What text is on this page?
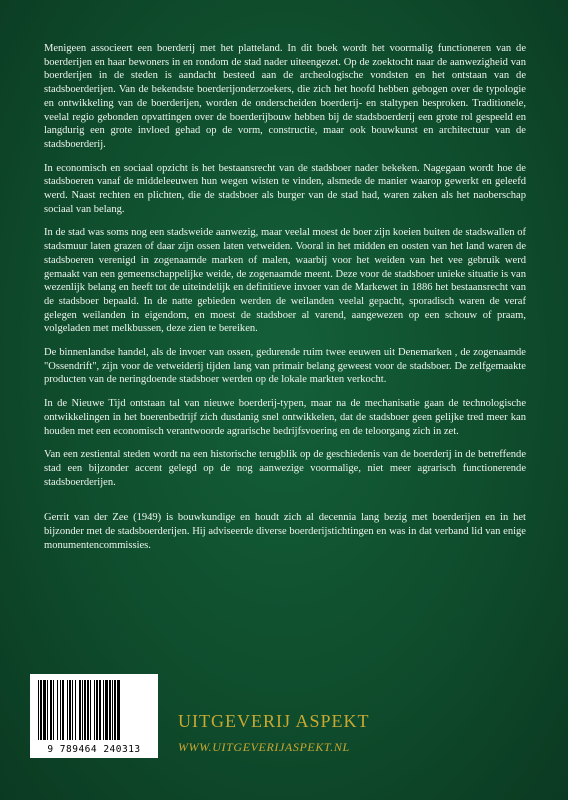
Menigeen associeert een boerderij met het platteland. In dit boek wordt het voormalig functioneren van de boerderijen en haar bewoners in en rondom de stad nader uiteengezet. Op de zoektocht naar de aanwezigheid van boerderijen in de steden is aandacht besteed aan de archeologische vondsten en het ontstaan van de stadsboerderijen. Van de bekendste boerderijonderzoekers, die zich het hoofd hebben gebogen over de typologie en ontwikkeling van de boerderijen, worden de onderscheiden boerderij- en staltypen besproken. Traditionele, veelal regio gebonden opvattingen over de boerderijbouw hebben bij de stadsboerderij een grote rol gespeeld en langdurig een grote invloed gehad op de vorm, constructie, maar ook bouwkunst en architectuur van de stadsboerderij.

In economisch en sociaal opzicht is het bestaansrecht van de stadsboer nader bekeken. Nagegaan wordt hoe de stadsboeren vanaf de middeleeuwen hun wegen wisten te vinden, alsmede de manier waarop gewerkt en geleefd werd. Naast rechten en plichten, die de stadsboer als burger van de stad had, waren zaken als het naoberschap sociaal van belang.

In de stad was soms nog een stadsweide aanwezig, maar veelal moest de boer zijn koeien buiten de stadswallen of stadsmuur laten grazen of daar zijn ossen laten vetweiden. Vooral in het midden en oosten van het land waren de stadsboeren verenigd in zogenaamde marken of malen, waarbij voor het weiden van het vee gebruik werd gemaakt van een gemeenschappelijke weide, de zogenaamde meent. Deze voor de stadsboer unieke situatie is van wezenlijk belang en heeft tot de uiteindelijk en definitieve invoer van de Markewet in 1886 het bestaansrecht van de stadsboer bepaald. In de natte gebieden werden de weilanden veelal gepacht, sporadisch waren de veraf gelegen weilanden in eigendom, en moest de stadsboer al varend, aangewezen op een schouw of praam, volgeladen met melkbussen, deze zien te bereiken.

De binnenlandse handel, als de invoer van ossen, gedurende ruim twee eeuwen uit Denemarken , de zogenaamde "Ossendrift", zijn voor de vetweiderij tijden lang van primair belang geweest voor de stadsboer. De zelfgemaakte producten van de neringdoende stadsboer werden op de lokale markten verkocht.

In de Nieuwe Tijd ontstaan tal van nieuwe boerderij-typen, maar na de mechanisatie gaan de technologische ontwikkelingen in het boerenbedrijf zich dusdanig snel ontwikkelen, dat de stadsboer geen gelijke tred meer kan houden met een economisch verantwoorde agrarische bedrijfsvoering en de teloorgang zich in zet.

Van een zestiental steden wordt na een historische terugblik op de geschiedenis van de boerderij in de betreffende stad een bijzonder accent gelegd op de nog aanwezige voormalige, niet meer agrarisch functionerende stadsboerderijen.

Gerrit van der Zee (1949) is bouwkundige en houdt zich al decennia lang bezig met boerderijen en in het bijzonder met de stadsboerderijen. Hij adviseerde diverse boerderijstichtingen en was in dat verband lid van enige monumentencommissies.

9 789464 240313
UITGEVERIJ ASPEKT
WWW.UITGEVERIJASPEKT.NL
